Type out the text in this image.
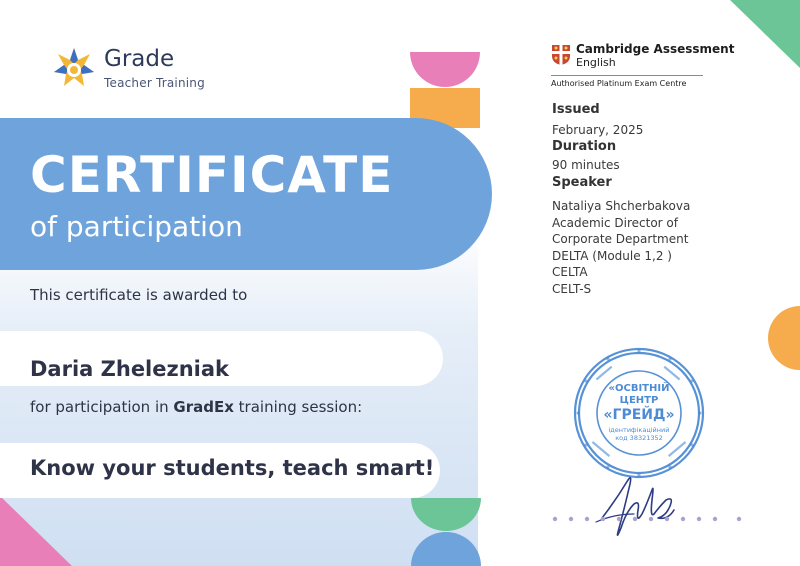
Grade
Teacher Training
CERTIFICATE
of participation
This certificate is awarded to
Daria Zhelezniak
for participation in GradEx training session:
Know your students, teach smart!
Cambridge Assessment
English
Authorised Platinum Exam Centre
Issued
February, 2025
Duration
90 minutes
Speaker
Nataliya Shcherbakova
Academic Director of
Corporate Department
DELTA (Module 1,2 )
CELTA
CELT-S
«ОСВІТНІЙ
ЦЕНТР
«ГРЕЙД»
ідентифікаційний
код 38321352
